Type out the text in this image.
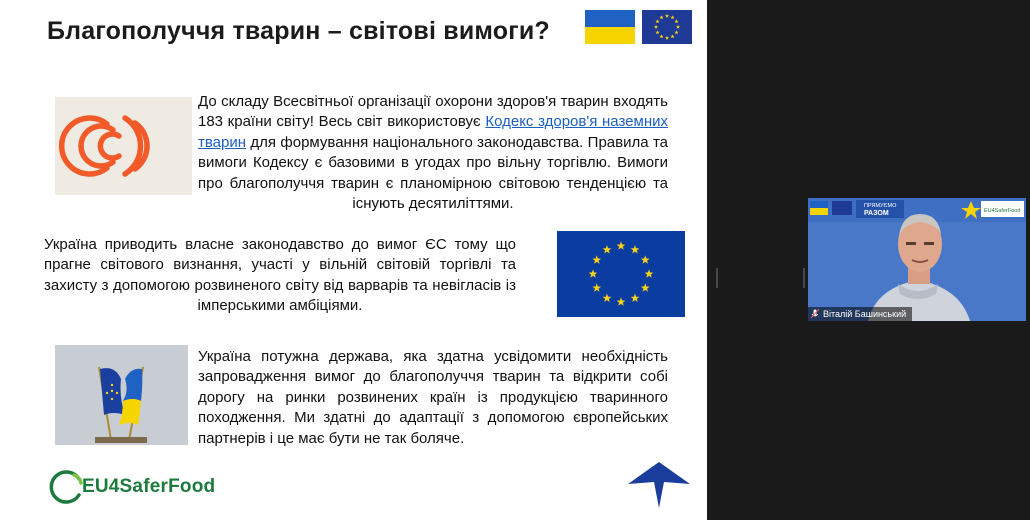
Благополуччя тварин – світові вимоги?

До складу Всесвітньої організації охорони здоров'я тварин входять 183 країни світу! Весь світ використовує Кодекс здоров'я наземних тварин для формування національного законодавства. Правила та вимоги Кодексу є базовими в угодах про вільну торгівлю. Вимоги про благополуччя тварин є планомірною світовою тенденцією та існують десятиліттями.

Україна приводить власне законодавство до вимог ЄС тому що прагне світового визнання, участі у вільній світовій торгівлі та захисту з допомогою розвиненого світу від варварів та невігласів із імперськими амбіціями.

Україна потужна держава, яка здатна усвідомити необхідність запровадження вимог до благополуччя тварин та відкрити собі дорогу на ринки розвинених країн із продукцією тваринного походження. Ми здатні до адаптації з допомогою європейських партнерів і це має бути не так боляче.

EU4SaferFood
ПРЯМУЄМО
РАЗОМ	EU4SaferFood
Віталій Башинський
